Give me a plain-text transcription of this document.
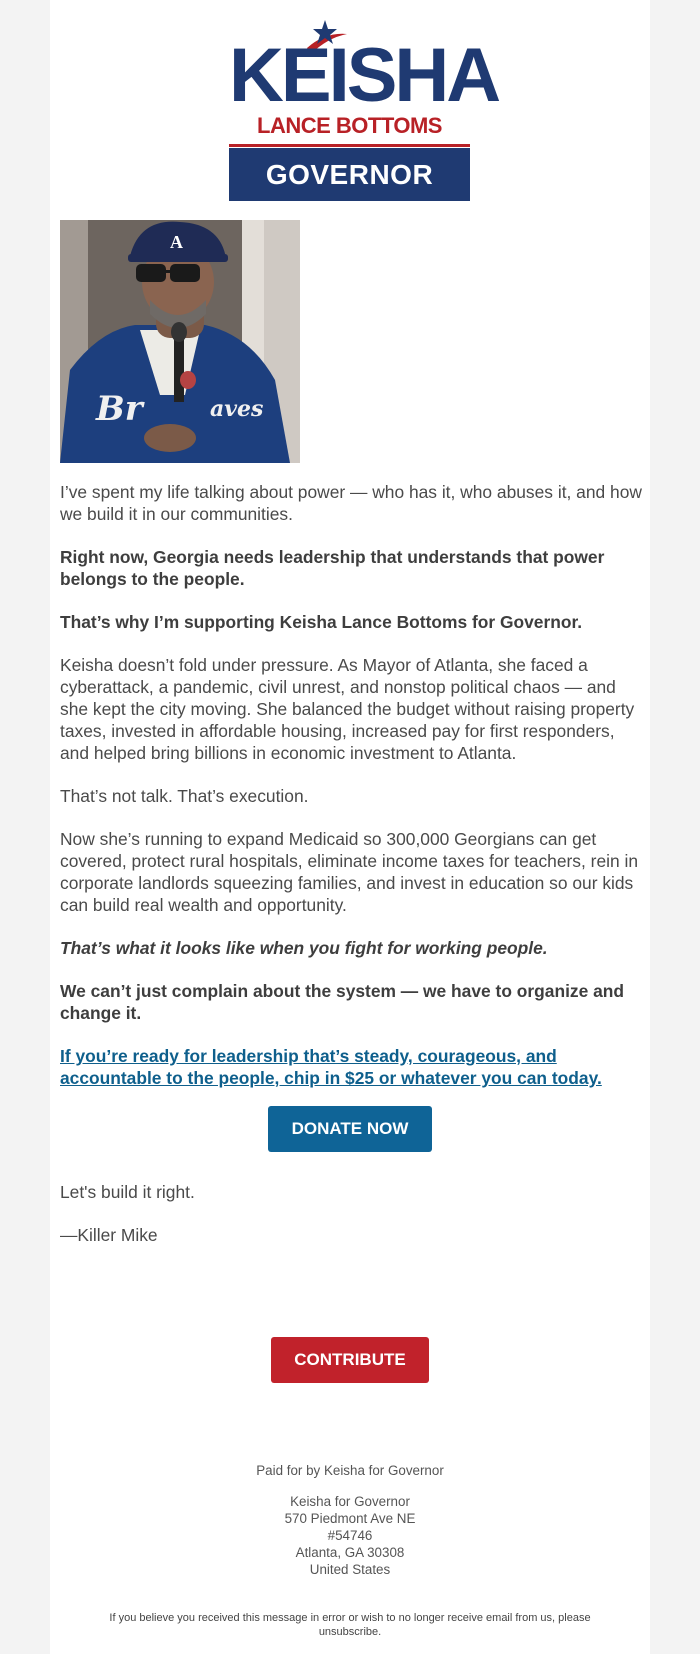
KEISHA
LANCE BOTTOMS
GOVERNOR
A
Br	aves

I’ve spent my life talking about power — who has it, who abuses it, and how we build it in our communities.

Right now, Georgia needs leadership that understands that power belongs to the people.

That’s why I’m supporting Keisha Lance Bottoms for Governor.

Keisha doesn’t fold under pressure. As Mayor of Atlanta, she faced a cyberattack, a pandemic, civil unrest, and nonstop political chaos — and she kept the city moving. She balanced the budget without raising property taxes, invested in affordable housing, increased pay for first responders, and helped bring billions in economic investment to Atlanta.

That’s not talk. That’s execution.

Now she’s running to expand Medicaid so 300,000 Georgians can get covered, protect rural hospitals, eliminate income taxes for teachers, rein in corporate landlords squeezing families, and invest in education so our kids can build real wealth and opportunity.

That’s what it looks like when you fight for working people.

We can’t just complain about the system — we have to organize and change it.

If you’re ready for leadership that’s steady, courageous, and accountable to the people, chip in $25 or whatever you can today.

DONATE NOW

Let's build it right.

—Killer Mike

CONTRIBUTE
Paid for by Keisha for Governor
Keisha for Governor
570 Piedmont Ave NE
#54746
Atlanta, GA 30308
United States
If you believe you received this message in error or wish to no longer receive email from us, please unsubscribe.
